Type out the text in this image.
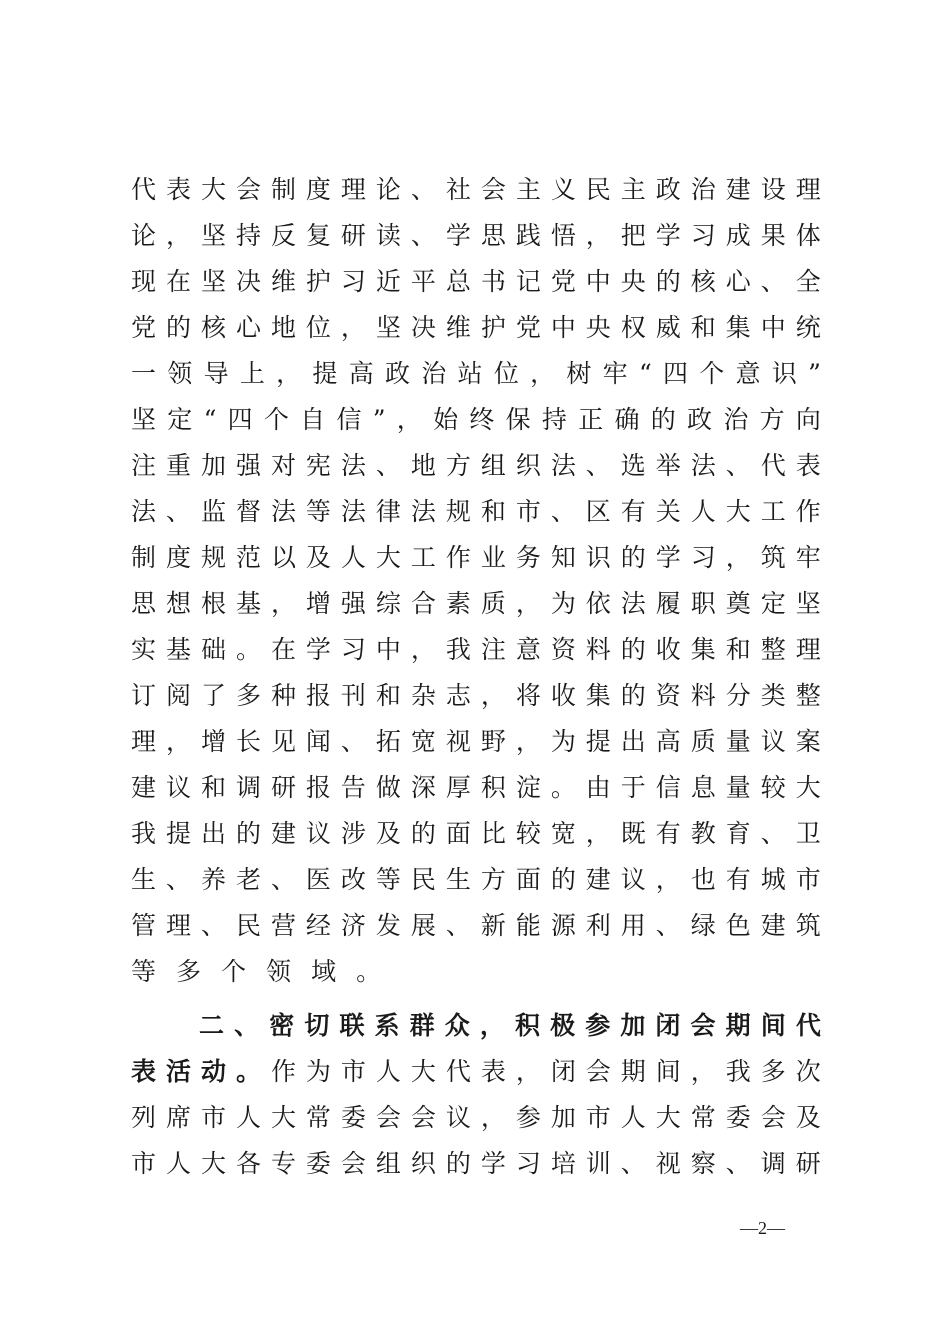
代 表 大 会 制 度 理 论 、 社 会 主 义 民 主 政 治 建 设 理
论 ， 坚 持 反 复 研 读 、 学 思 践 悟 ， 把 学 习 成 果 体
现 在 坚 决 维 护 习 近 平 总 书 记 党 中 央 的 核 心 、 全
党 的 核 心 地 位 ， 坚 决 维 护 党 中 央 权 威 和 集 中 统
一 领 导 上 ， 提 高 政 治 站 位 ， 树 牢 “ 四 个 意 识 ”
坚 定 “ 四 个 自 信 ” ， 始 终 保 持 正 确 的 政 治 方 向
注 重 加 强 对 宪 法 、 地 方 组 织 法 、 选 举 法 、 代 表
法 、 监 督 法 等 法 律 法 规 和 市 、 区 有 关 人 大 工 作
制 度 规 范 以 及 人 大 工 作 业 务 知 识 的 学 习 ， 筑 牢
思 想 根 基 ， 增 强 综 合 素 质 ， 为 依 法 履 职 奠 定 坚
实 基 础 。 在 学 习 中 ， 我 注 意 资 料 的 收 集 和 整 理
订 阅 了 多 种 报 刊 和 杂 志 ， 将 收 集 的 资 料 分 类 整
理 ， 增 长 见 闻 、 拓 宽 视 野 ， 为 提 出 高 质 量 议 案
建 议 和 调 研 报 告 做 深 厚 积 淀 。 由 于 信 息 量 较 大
我 提 出 的 建 议 涉 及 的 面 比 较 宽 ， 既 有 教 育 、 卫
生 、 养 老 、 医 改 等 民 生 方 面 的 建 议 ， 也 有 城 市
管 理 、 民 营 经 济 发 展 、 新 能 源 利 用 、 绿 色 建 筑
等 多 个 领 域 。
二 、 密 切 联 系 群 众 ， 积 极 参 加 闭 会 期 间 代
表 活 动 。 作 为 市 人 大 代 表 ， 闭 会 期 间 ， 我 多 次
列 席 市 人 大 常 委 会 会 议 ， 参 加 市 人 大 常 委 会 及
市 人 大 各 专 委 会 组 织 的 学 习 培 训 、 视 察 、 调 研
—2—
